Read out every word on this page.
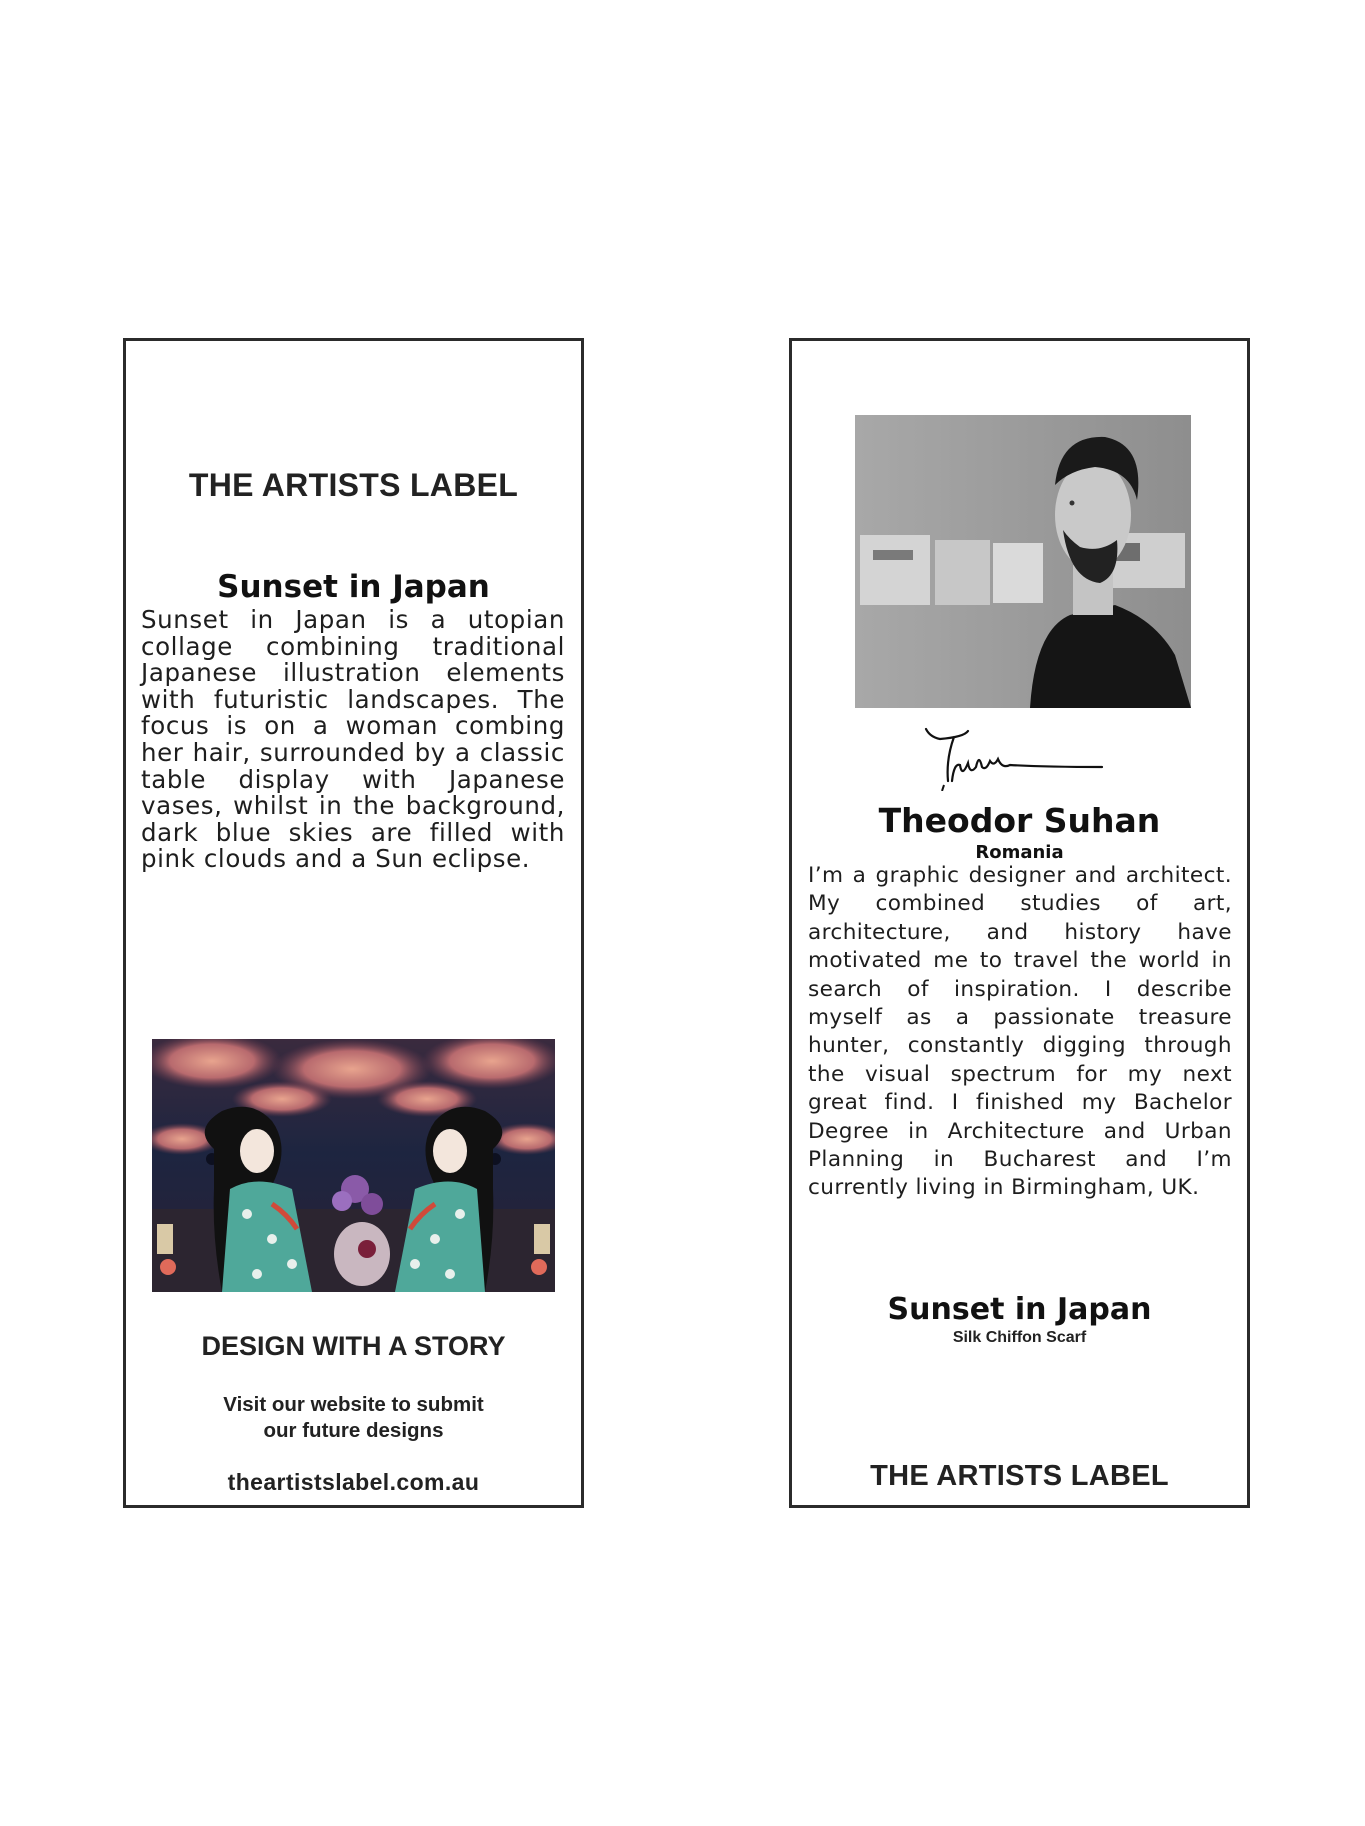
THE ARTISTS LABEL
Sunset in Japan
Sunset in Japan is a utopian collage combining traditional Japanese illustration elements with futuristic landscapes. The focus is on a woman combing her hair, surrounded by a classic table display with Japanese vases, whilst in the background, dark blue skies are filled with pink clouds and a Sun eclipse.
DESIGN WITH A STORY
Visit our website to submit
our future designs
theartistslabel.com.au
Theodor Suhan
Romania
I’m a graphic designer and architect. My combined studies of art, architecture, and history have motivated me to travel the world in search of inspiration. I describe myself as a passionate treasure hunter, constantly digging through the visual spectrum for my next great find. I finished my Bachelor Degree in Architecture and Urban Planning in Bucharest and I’m currently living in Birmingham, UK.
Sunset in Japan
Silk Chiffon Scarf
THE ARTISTS LABEL
